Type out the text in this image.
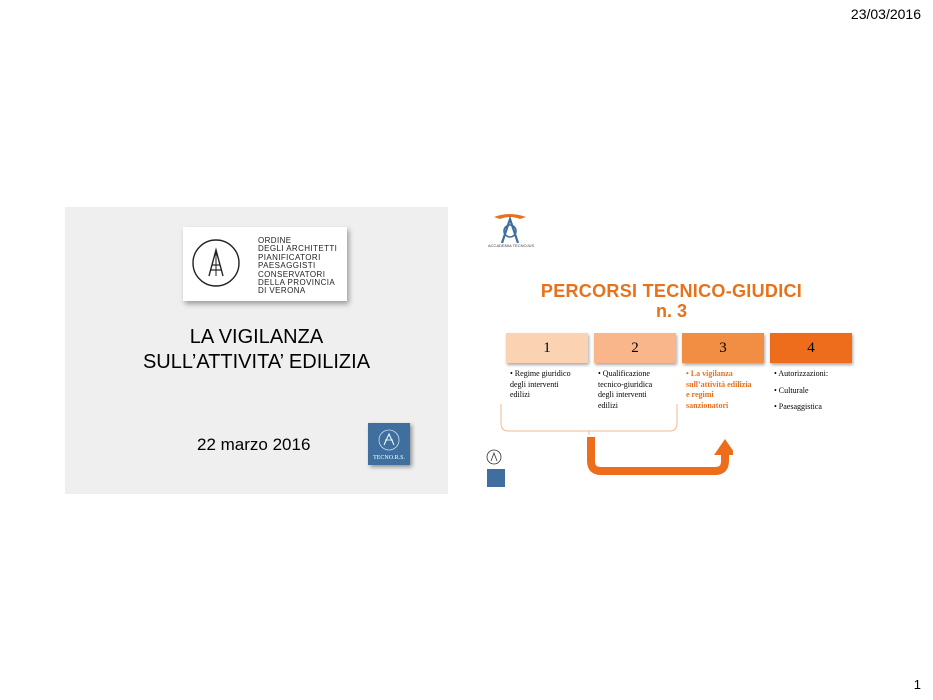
23/03/2016
ORDINE
DEGLI ARCHITETTI
PIANIFICATORI
PAESAGGISTI
CONSERVATORI
DELLA PROVINCIA
DI VERONA
LA VIGILANZA
SULL’ATTIVITA’ EDILIZIA
22 marzo 2016
TECNO.R.S.
ACCADEMIA TECNOJUS
PERCORSI TECNICO-GIUDICI
n. 3
1	2	3	4
• Regime giuridico
degli interventi
edilizi
• Qualificazione
tecnico-giuridica
degli interventi
edilizi
• La vigilanza
sull’attività edilizia
e regimi
sanzionatori
• Autorizzazioni:
• Culturale
• Paesaggistica
1
